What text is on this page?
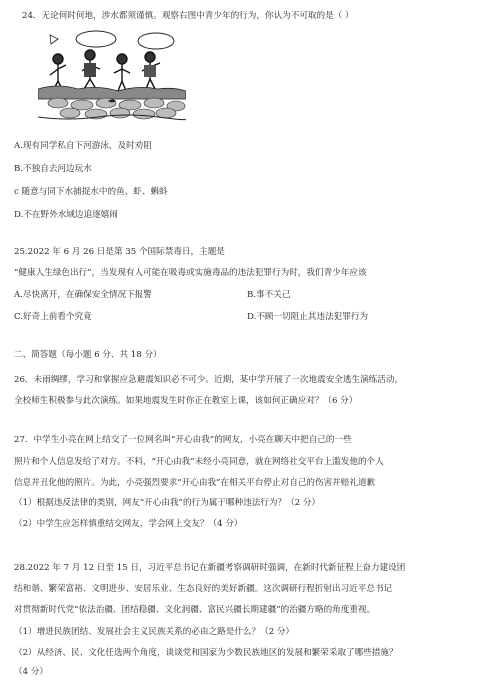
24．无论何时何地，涉水都须谨慎。观察右图中青少年的行为，你认为不可取的是（ ）
A.现有同学私自下河游泳，及时劝阻
B.不独自去河边玩水
c 随意与同下水捕捉水中的鱼、虾、蝌蚪
D.不在野外水域边追逐嬉闹
25.2022 年 6 月 26 日是第 35 个国际禁毒日，主题是
“健康人生绿色出行”，当发现有人可能在吸毒或实施毒品的违法犯罪行为时，我们青少年应该
A.尽快离开，在确保安全情况下报警	B.事不关己
C.好奇上前看个究竟	D.不顾一切阻止其违法犯罪行为
二、简答题（每小题 6 分、共 18 分）
26．未雨绸缪，学习和掌握应急避震知识必不可少。近期，某中学开展了一次地震安全逃生演练活动，
全校师生积极参与此次演练。如果地震发生时你正在教室上课，该如何正确应对？（6 分）
27．中学生小亮在网上结交了一位网名叫“开心由我”的网友，小亮在聊天中把自己的一些
照片和个人信息发给了对方。不料，“开心由我”未经小亮同意，就在网络社交平台上滥发他的个人
信息并丑化他的照片。为此，小亮强烈要求“开心由我”在相关平台停止对自己的伤害并赔礼道歉
（1）根据违反法律的类别，网友“开心由我”的行为属于哪种违法行为？（2 分）
（2）中学生应怎样慎重结交网友，学会网上交友？（4 分）
28.2022 年 7 月 12 日至 15 日，习近平总书记在新疆考察调研时强调，在新时代新征程上奋力建设团
结和谐、繁荣富裕、文明进步、安居乐业、生态良好的美好新疆。这次调研行程折射出习近平总书记
对贯彻新时代党“依法治疆、团结稳疆、文化润疆、富民兴疆长期建疆”的治疆方略的角度重视。
（1）增进民族团结、发展社会主义民族关系的必由之路是什么？（2 分）
（2）从经济、民、文化任选两个角度，谈谈党和国家为少数民族地区的发展和繁荣采取了哪些措施？
（4 分）
